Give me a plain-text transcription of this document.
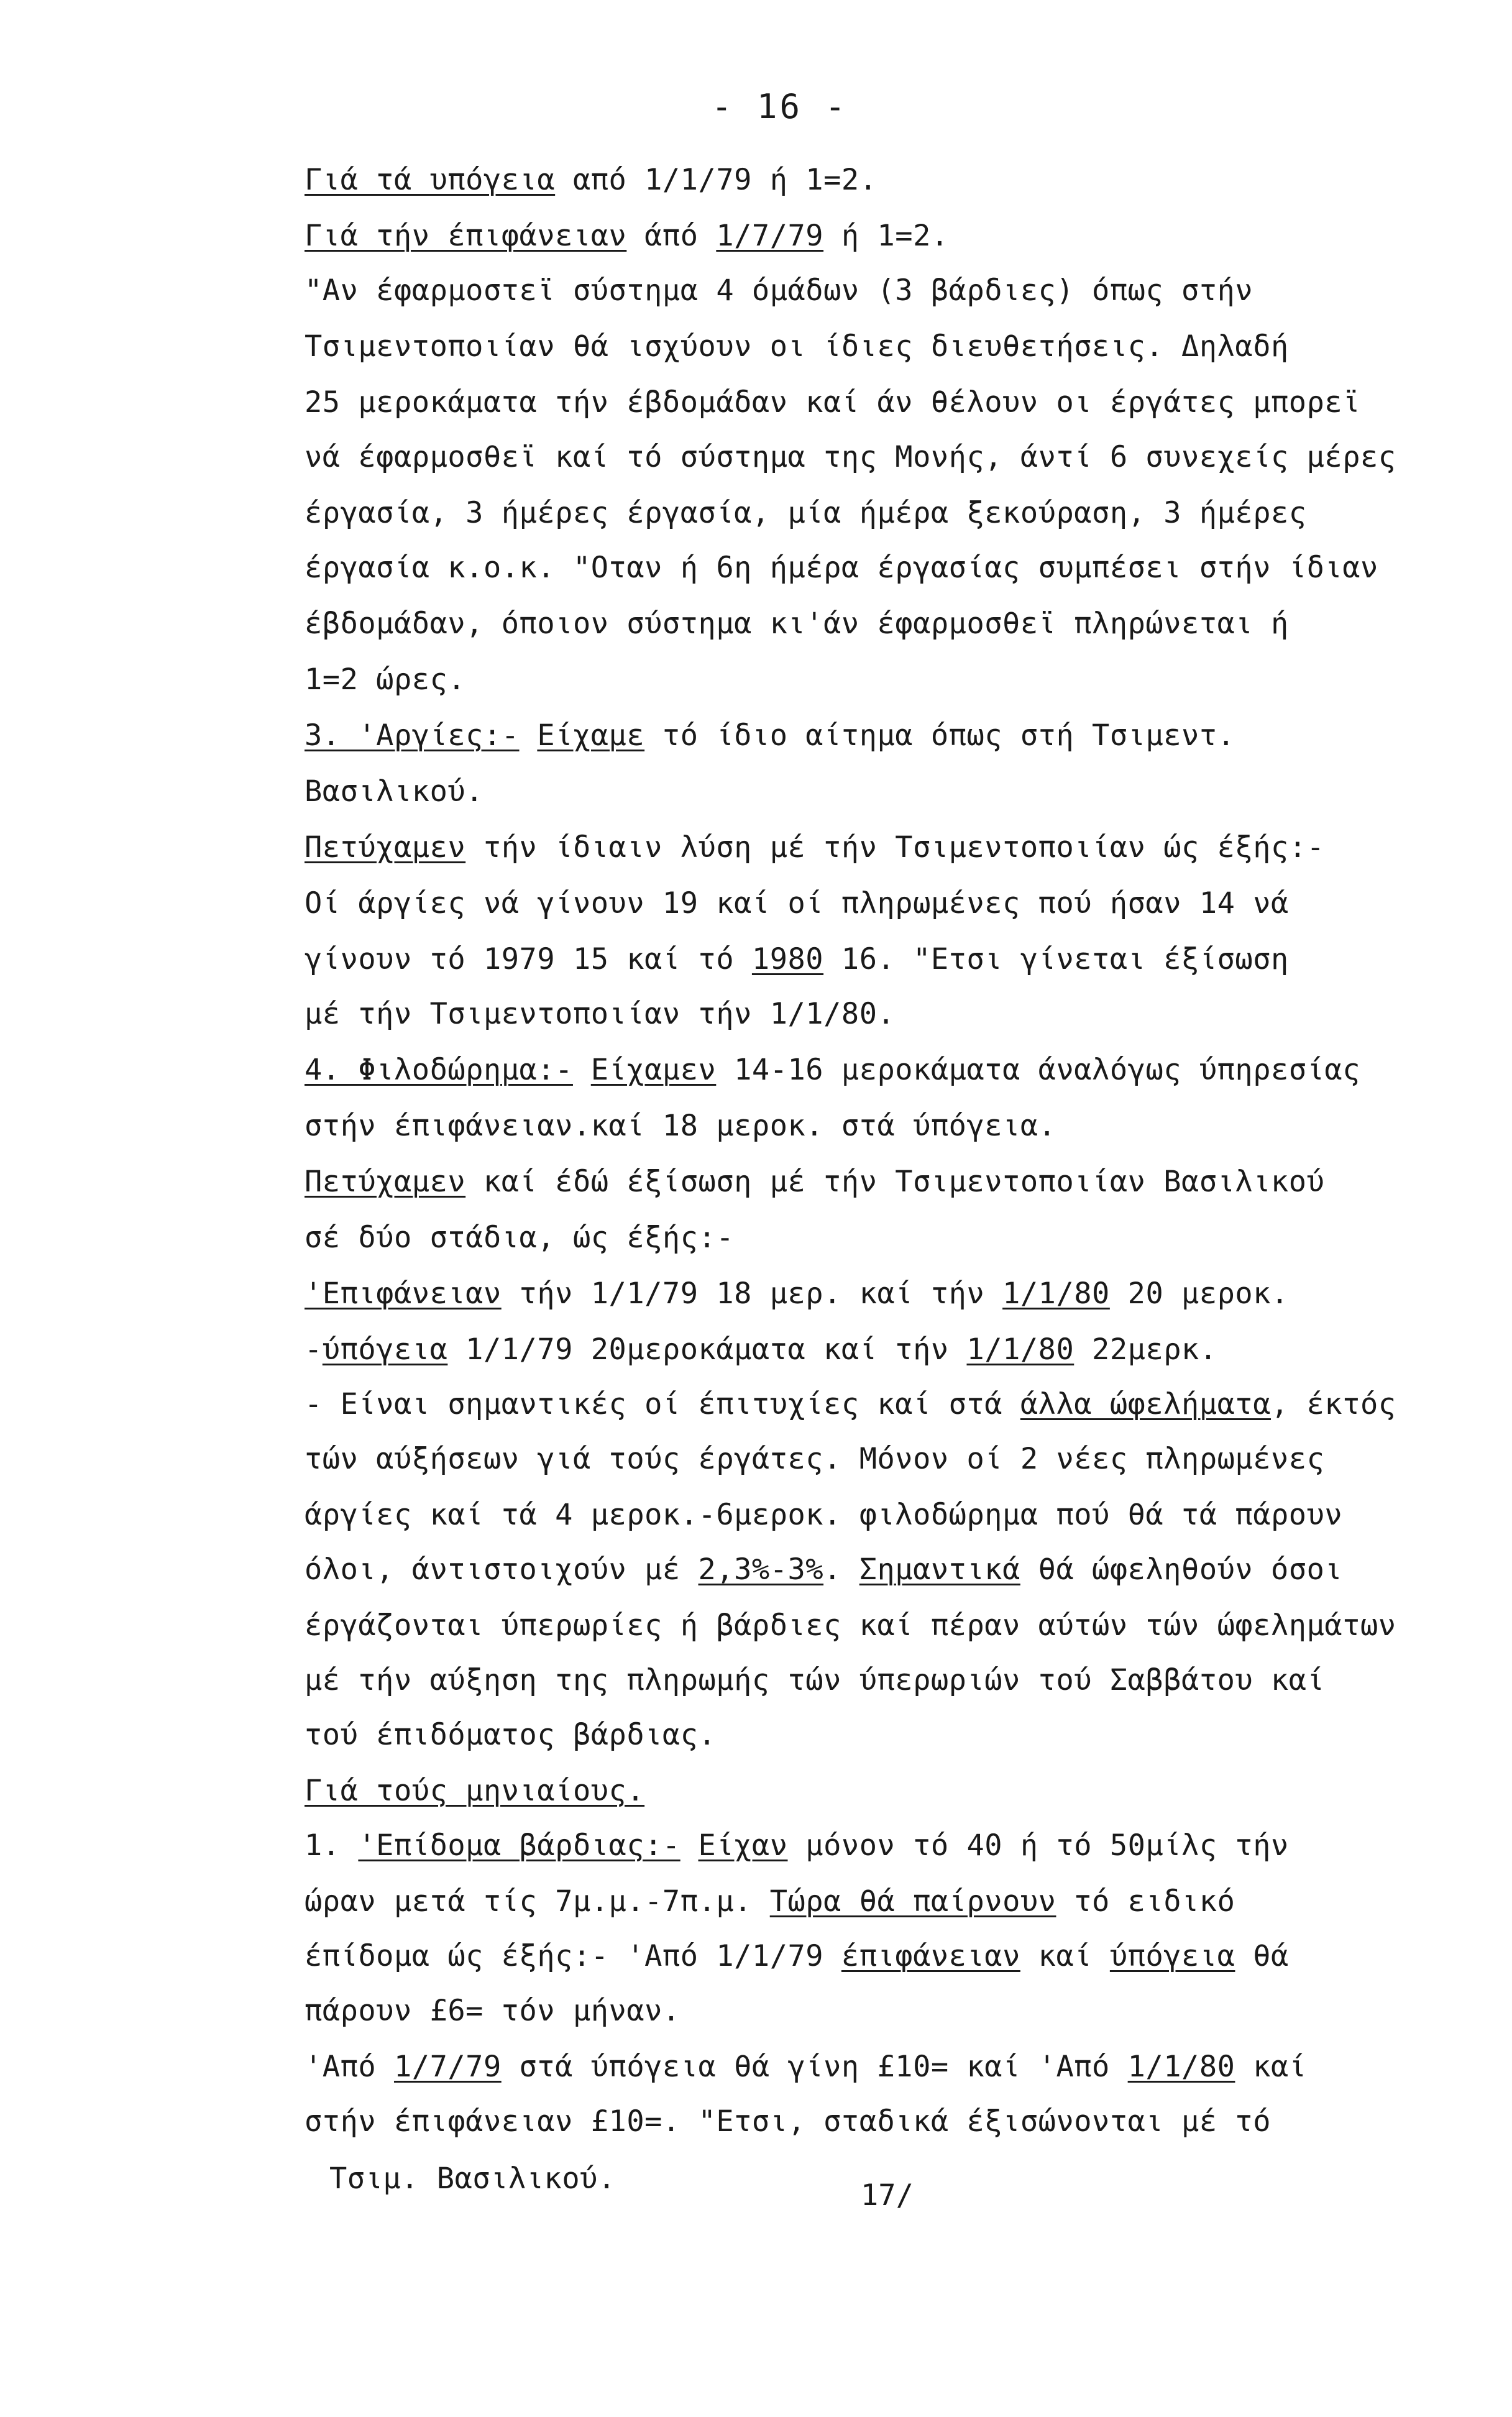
- 16 -
Γιά τά υπόγεια από 1/1/79 ή 1=2.
Γιά τήν έπιφάνειαν άπό 1/7/79 ή 1=2.
"Αν έφαρμοστεϊ σύστημα 4 όμάδων (3 βάρδιες) όπως στήν
Τσιμεντοποιίαν θά ισχύουν οι ίδιες διευθετήσεις. Δηλαδή
25 μεροκάματα τήν έβδομάδαν καί άν θέλουν οι έργάτες μπορεϊ
νά έφαρμοσθεϊ καί τό σύστημα της Μονής, άντί 6 συνεχείς μέρες
έργασία, 3 ήμέρες έργασία, μία ήμέρα ξεκούραση, 3 ήμέρες
έργασία κ.ο.κ. "Οταν ή 6η ήμέρα έργασίας συμπέσει στήν ίδιαν
έβδομάδαν, όποιον σύστημα κι'άν έφαρμοσθεϊ πληρώνεται ή
1=2 ώρες.
3. 'Αργίες:- Είχαμε τό ίδιο αίτημα όπως στή Τσιμεντ.
Βασιλικού.
Πετύχαμεν τήν ίδιαιν λύση μέ τήν Τσιμεντοποιίαν ώς έξής:-
Οί άργίες νά γίνουν 19 καί οί πληρωμένες πού ήσαν 14 νά
γίνουν τό 1979 15 καί τό 1980 16. "Ετσι γίνεται έξίσωση
μέ τήν Τσιμεντοποιίαν τήν 1/1/80.
4. Φιλοδώρημα:- Είχαμεν 14-16 μεροκάματα άναλόγως ύπηρεσίας
στήν έπιφάνειαν.καί 18 μεροκ. στά ύπόγεια.
Πετύχαμεν καί έδώ έξίσωση μέ τήν Τσιμεντοποιίαν Βασιλικού
σέ δύο στάδια, ώς έξής:-
'Επιφάνειαν τήν 1/1/79 18 μερ. καί τήν 1/1/80 20 μεροκ.
-ύπόγεια 1/1/79 20μεροκάματα καί τήν 1/1/80 22μερκ.
- Είναι σημαντικές οί έπιτυχίες καί στά άλλα ώφελήματα, έκτός
τών αύξήσεων γιά τούς έργάτες. Μόνον οί 2 νέες πληρωμένες
άργίες καί τά 4 μεροκ.-6μεροκ. φιλοδώρημα πού θά τά πάρουν
όλοι, άντιστοιχούν μέ 2,3%-3%. Σημαντικά θά ώφεληθούν όσοι
έργάζονται ύπερωρίες ή βάρδιες καί πέραν αύτών τών ώφελημάτων
μέ τήν αύξηση της πληρωμής τών ύπερωριών τού Σαββάτου καί
τού έπιδόματος βάρδιας.
Γιά τούς μηνιαίους.
1. 'Επίδομα βάρδιας:- Είχαν μόνον τό 40 ή τό 50μίλς τήν
ώραν μετά τίς 7μ.μ.-7π.μ. Τώρα θά παίρνουν τό ειδικό
έπίδομα ώς έξής:- 'Από 1/1/79 έπιφάνειαν καί ύπόγεια θά
πάρουν £6= τόν μήναν.
'Από 1/7/79 στά ύπόγεια θά γίνη £10= καί 'Από 1/1/80 καί
στήν έπιφάνειαν £10=. "Ετσι, σταδικά έξισώνονται μέ τό
Τσιμ. Βασιλικού.	17/
